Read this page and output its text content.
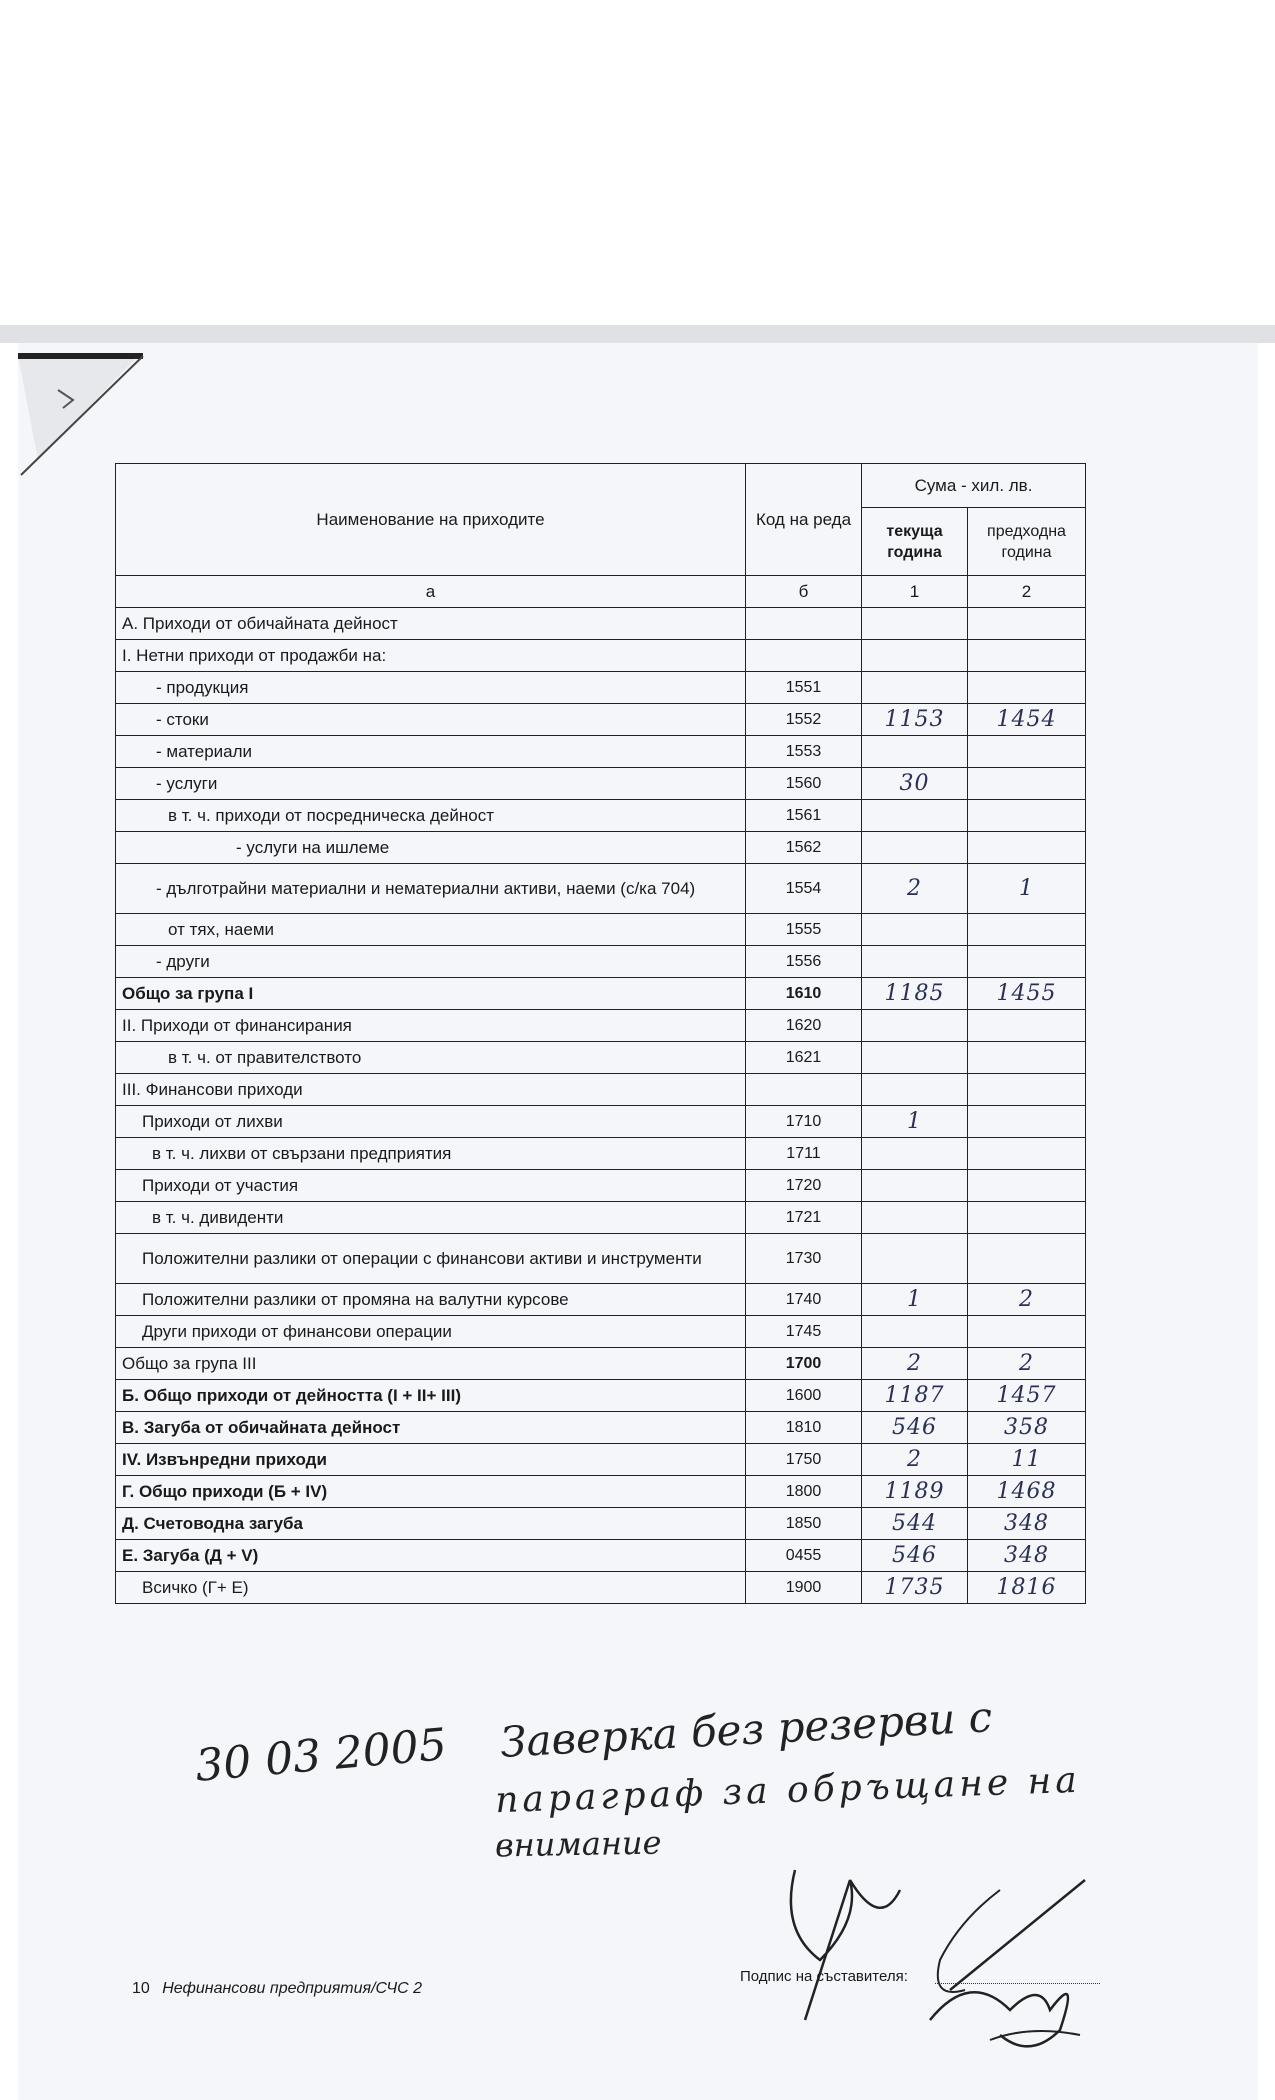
Наименование на приходите	Код на реда	Сума - хил. лв.	
		текуща година	предходна година
а	б	1	2
А. Приходи от обичайната дейност			
I. Нетни приходи от продажби на:			
- продукция	1551		
- стоки	1552	1153	1454
- материали	1553		
- услуги	1560	30	
в т. ч. приходи от посредническа дейност	1561		
- услуги на ишлеме	1562		
- дълготрайни материални и нематериални активи, наеми (с/ка 704)	1554	2	1
от тях, наеми	1555		
- други	1556		
Общо за група I	1610	1185	1455
II. Приходи от финансирания	1620		
в т. ч. от правителството	1621		
III. Финансови приходи			
Приходи от лихви	1710	1	
в т. ч. лихви от свързани предприятия	1711		
Приходи от участия	1720		
в т. ч. дивиденти	1721		
Положителни разлики от операции с финансови активи и инструменти	1730		
Положителни разлики от промяна на валутни курсове	1740	1	2
Други приходи от финансови операции	1745		
Общо за група III	1700	2	2
Б. Общо приходи от дейността (I + II+ III)	1600	1187	1457
В. Загуба от обичайната дейност	1810	546	358
IV. Извънредни приходи	1750	2	11
Г. Общо приходи (Б + IV)	1800	1189	1468
Д. Счетоводна загуба	1850	544	348
Е. Загуба (Д + V)	0455	546	348
Всичко (Г+ Е)	1900	1735	1816
30 03 2005 Заверка без резерви с
параграф за обръщане на
внимание
10 Нефинансови предприятия/СЧС 2
Подпис на съставителя:
